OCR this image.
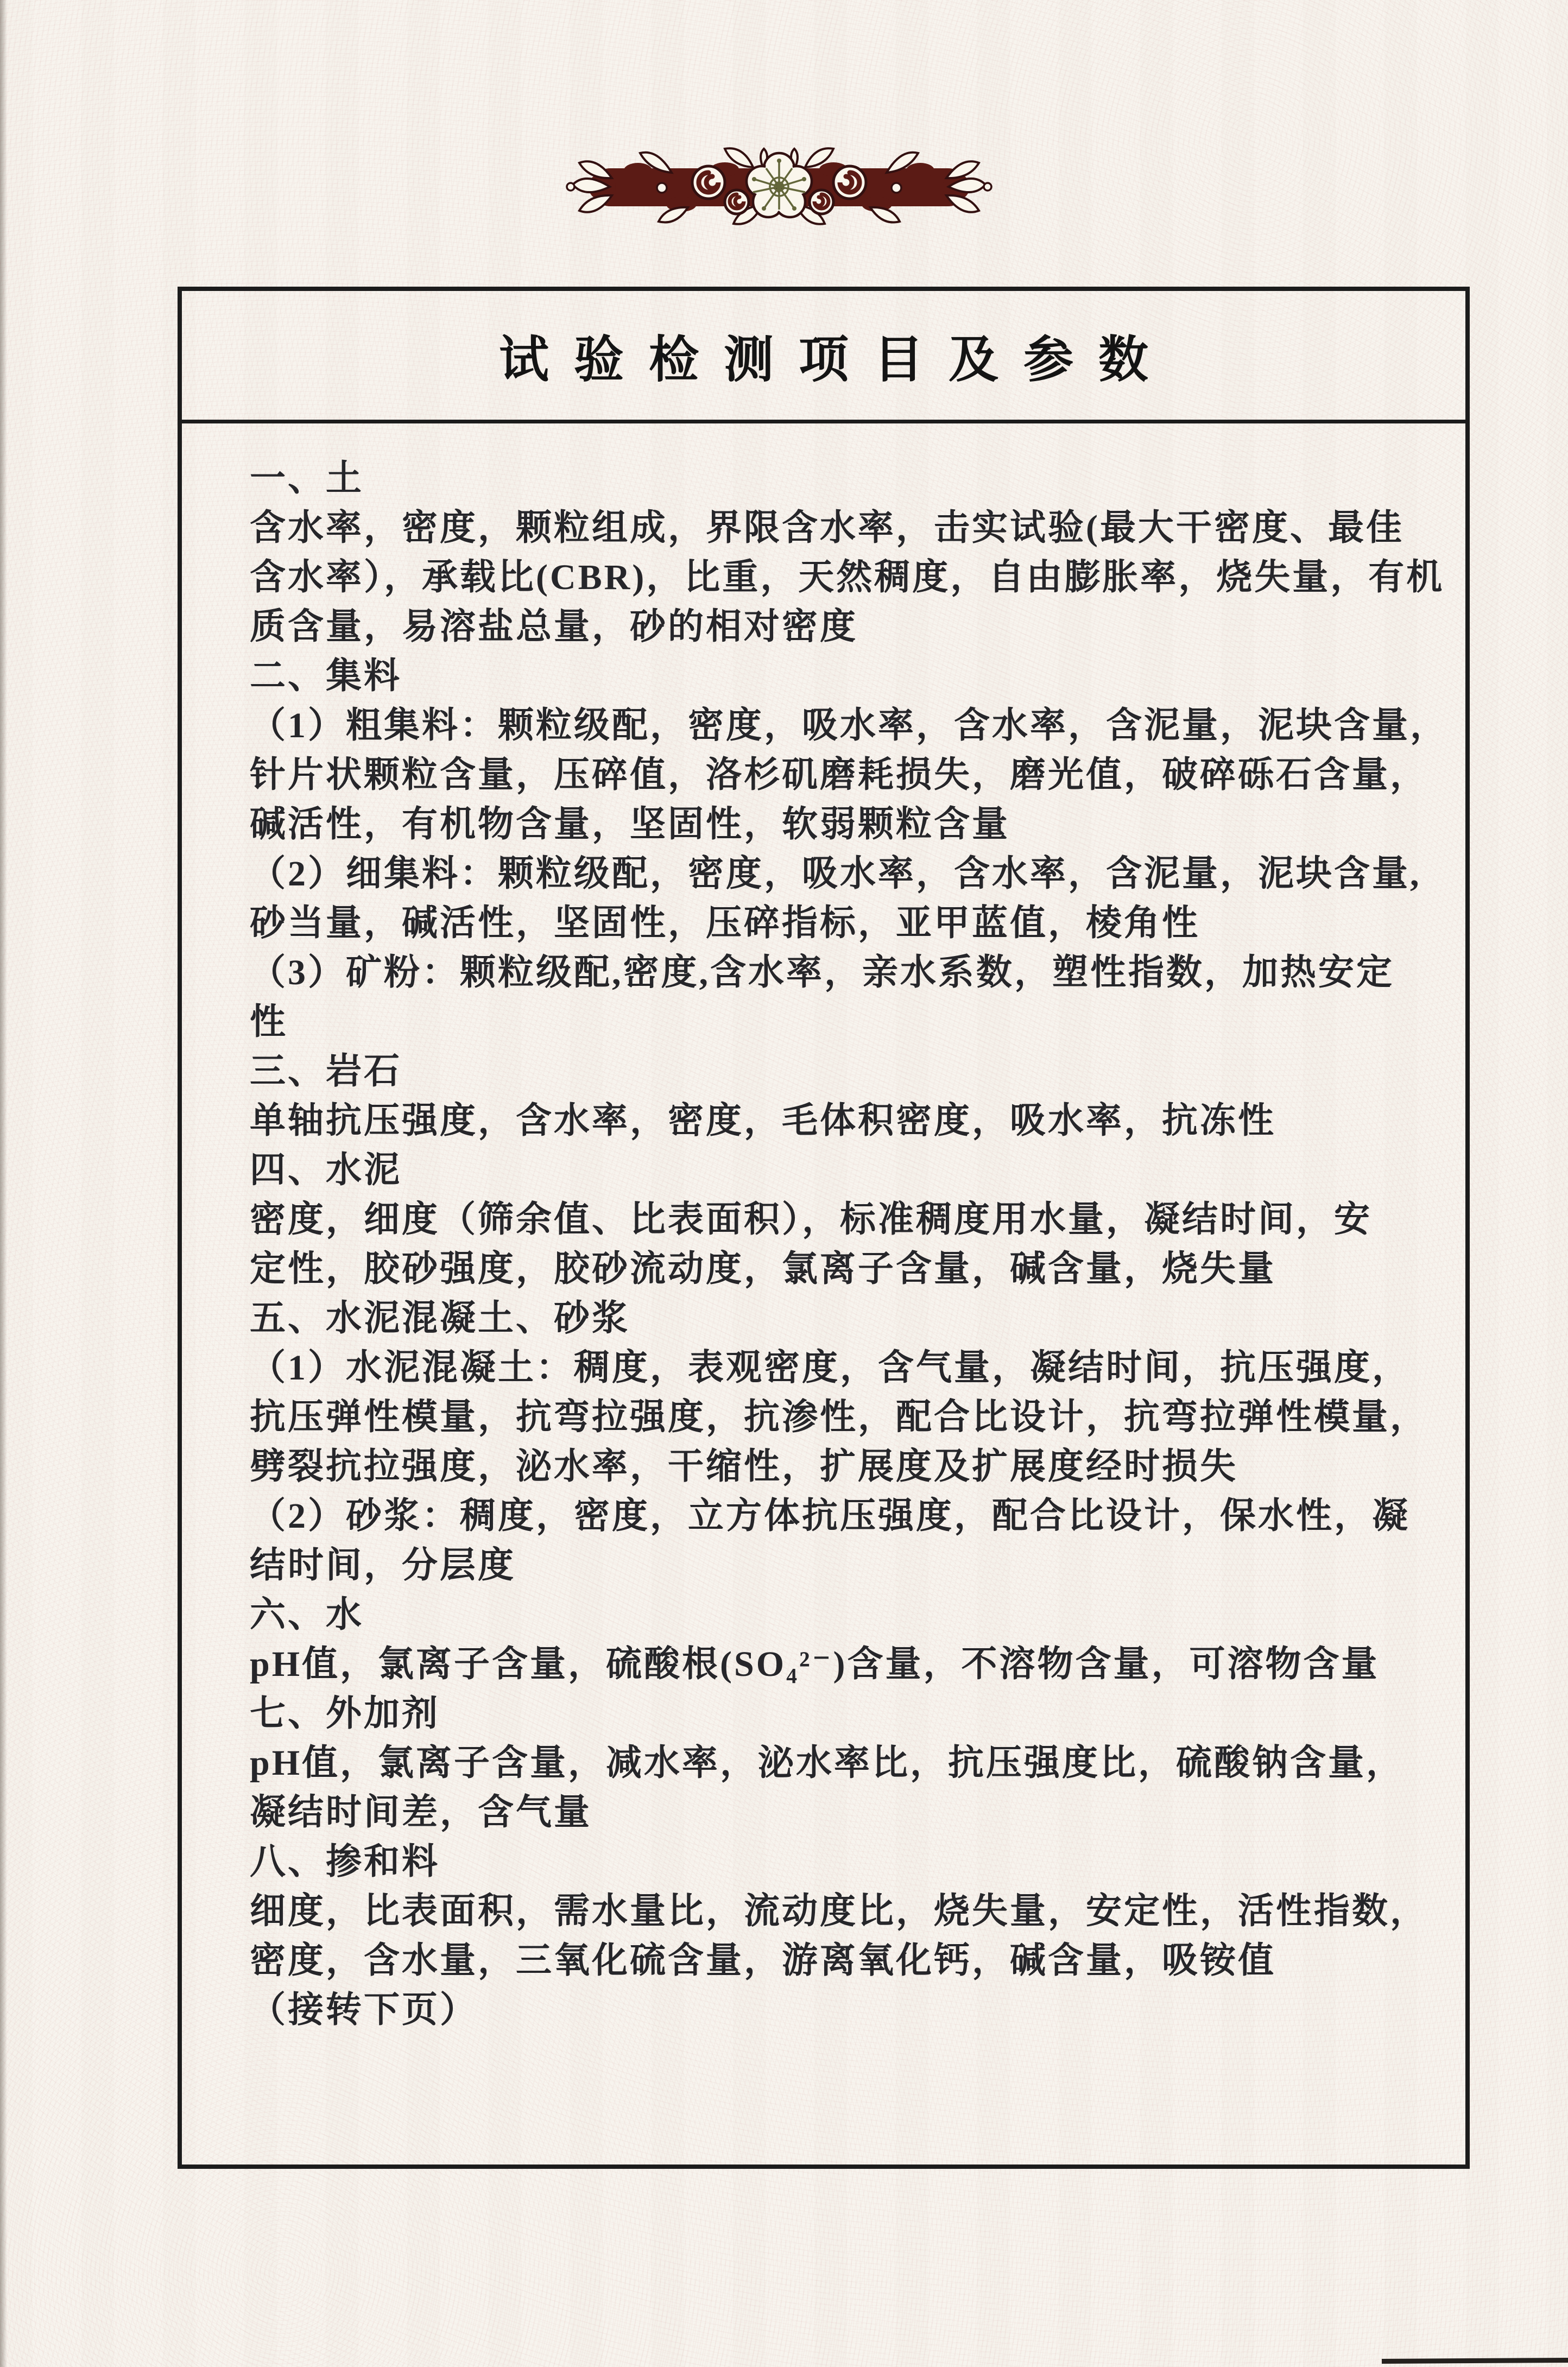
试验检测项目及参数
一、土
含水率，密度，颗粒组成，界限含水率，击实试验(最大干密度、最佳
含水率），承载比(CBR)，比重，天然稠度，自由膨胀率，烧失量，有机
质含量，易溶盐总量，砂的相对密度
二、集料
（1）粗集料：颗粒级配，密度，吸水率，含水率，含泥量，泥块含量，
针片状颗粒含量，压碎值，洛杉矶磨耗损失，磨光值，破碎砾石含量，
碱活性，有机物含量，坚固性，软弱颗粒含量
（2）细集料：颗粒级配，密度，吸水率，含水率，含泥量，泥块含量,
砂当量，碱活性，坚固性，压碎指标，亚甲蓝值，棱角性
（3）矿粉：颗粒级配,密度,含水率，亲水系数，塑性指数，加热安定
性
三、岩石
单轴抗压强度，含水率，密度，毛体积密度，吸水率，抗冻性
四、水泥
密度，细度（筛余值、比表面积），标准稠度用水量，凝结时间，安
定性，胶砂强度，胶砂流动度，氯离子含量，碱含量，烧失量
五、水泥混凝土、砂浆
（1）水泥混凝土：稠度，表观密度，含气量，凝结时间，抗压强度，
抗压弹性模量，抗弯拉强度，抗渗性，配合比设计，抗弯拉弹性模量，
劈裂抗拉强度，泌水率，干缩性，扩展度及扩展度经时损失
（2）砂浆：稠度，密度，立方体抗压强度，配合比设计，保水性，凝
结时间，分层度
六、水
pH值，氯离子含量，硫酸根(SO₄²⁻)含量，不溶物含量，可溶物含量
七、外加剂
pH值，氯离子含量，减水率，泌水率比，抗压强度比，硫酸钠含量，
凝结时间差，含气量
八、掺和料
细度，比表面积，需水量比，流动度比，烧失量，安定性，活性指数，
密度，含水量，三氧化硫含量，游离氧化钙，碱含量，吸铵值
（接转下页）
